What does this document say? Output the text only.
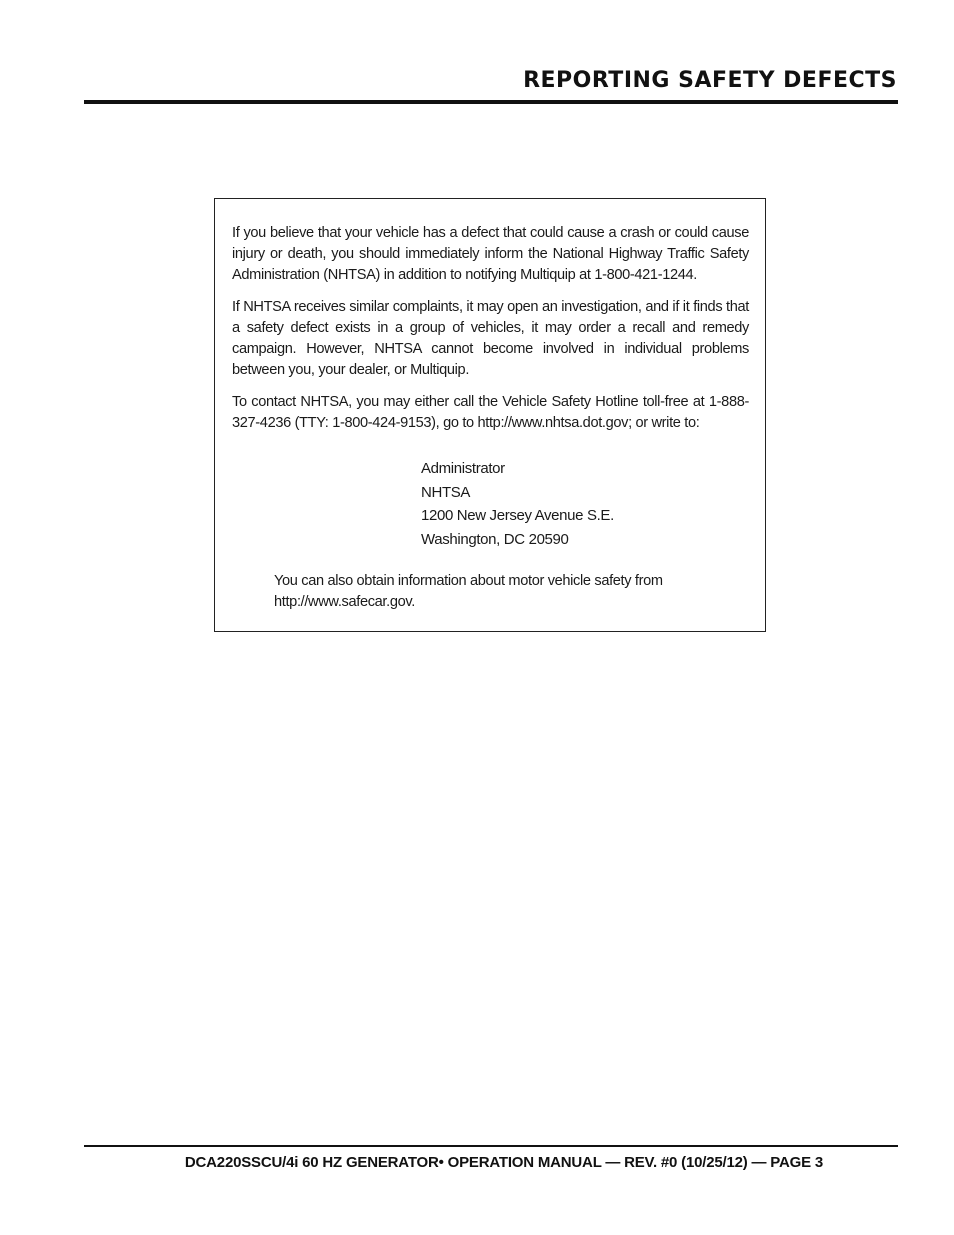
REPORTING SAFETY DEFECTS

If you believe that your vehicle has a defect that could cause a crash or could cause injury or death, you should immediately inform the National Highway Traffic Safety Administration (NHTSA) in addition to notifying Multiquip at 1-800-421-1244.

If NHTSA receives similar complaints, it may open an investigation, and if it finds that a safety defect exists in a group of vehicles, it may order a recall and remedy campaign. However, NHTSA cannot become involved in individual problems between you, your dealer, or Multiquip.

To contact NHTSA, you may either call the Vehicle Safety Hotline toll-free at 1-888-327-4236 (TTY: 1-800-424-9153), go to http://www.nhtsa.dot.gov; or write to:

Administrator
NHTSA
1200 New Jersey Avenue S.E.
Washington, DC 20590

You can also obtain information about motor vehicle safety from

http://www.safecar.gov.

DCA220SSCU/4i 60 HZ GENERATOR• OPERATION MANUAL — REV. #0 (10/25/12) — PAGE 3
